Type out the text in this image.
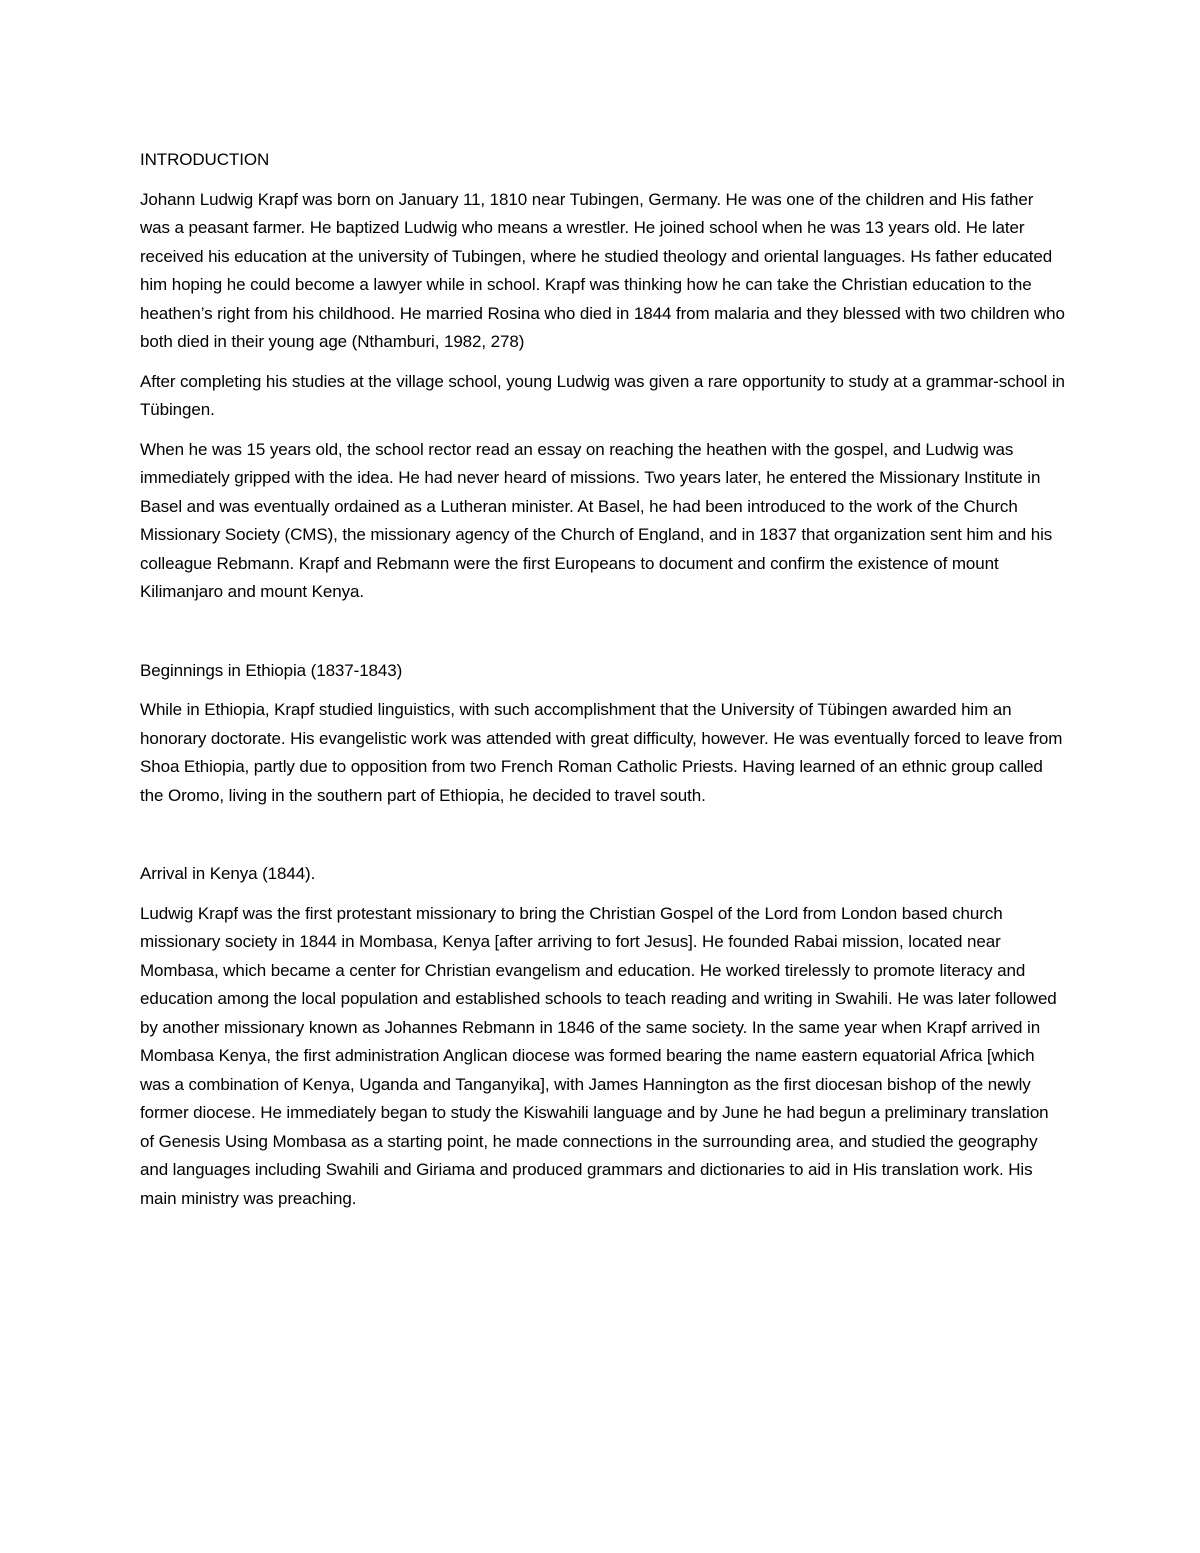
INTRODUCTION

Johann Ludwig Krapf was born on January 11, 1810 near Tubingen, Germany. He was one of the children and His father was a peasant farmer. He baptized Ludwig who means a wrestler. He joined school when he was 13 years old. He later received his education at the university of Tubingen, where he studied theology and oriental languages. Hs father educated him hoping he could become a lawyer while in school. Krapf was thinking how he can take the Christian education to the heathen’s right from his childhood. He married Rosina who died in 1844 from malaria and they blessed with two children who both died in their young age (Nthamburi, 1982, 278)

After completing his studies at the village school, young Ludwig was given a rare opportunity to study at a grammar-school in Tübingen.

When he was 15 years old, the school rector read an essay on reaching the heathen with the gospel, and Ludwig was immediately gripped with the idea. He had never heard of missions. Two years later, he entered the Missionary Institute in Basel and was eventually ordained as a Lutheran minister. At Basel, he had been introduced to the work of the Church Missionary Society (CMS), the missionary agency of the Church of England, and in 1837 that organization sent him and his colleague Rebmann. Krapf and Rebmann were the first Europeans to document and confirm the existence of mount Kilimanjaro and mount Kenya.

Beginnings in Ethiopia (1837-1843)

While in Ethiopia, Krapf studied linguistics, with such accomplishment that the University of Tübingen awarded him an honorary doctorate. His evangelistic work was attended with great difficulty, however. He was eventually forced to leave from Shoa Ethiopia, partly due to opposition from two French Roman Catholic Priests. Having learned of an ethnic group called the Oromo, living in the southern part of Ethiopia, he decided to travel south.

Arrival in Kenya (1844).

Ludwig Krapf was the first protestant missionary to bring the Christian Gospel of the Lord from London based church missionary society in 1844 in Mombasa, Kenya [after arriving to fort Jesus]. He founded Rabai mission, located near Mombasa, which became a center for Christian evangelism and education. He worked tirelessly to promote literacy and education among the local population and established schools to teach reading and writing in Swahili. He was later followed by another missionary known as Johannes Rebmann in 1846 of the same society. In the same year when Krapf arrived in Mombasa Kenya, the first administration Anglican diocese was formed bearing the name eastern equatorial Africa [which was a combination of Kenya, Uganda and Tanganyika], with James Hannington as the first diocesan bishop of the newly former diocese. He immediately began to study the Kiswahili language and by June he had begun a preliminary translation of Genesis Using Mombasa as a starting point, he made connections in the surrounding area, and studied the geography and languages including Swahili and Giriama and produced grammars and dictionaries to aid in His translation work. His main ministry was preaching.
